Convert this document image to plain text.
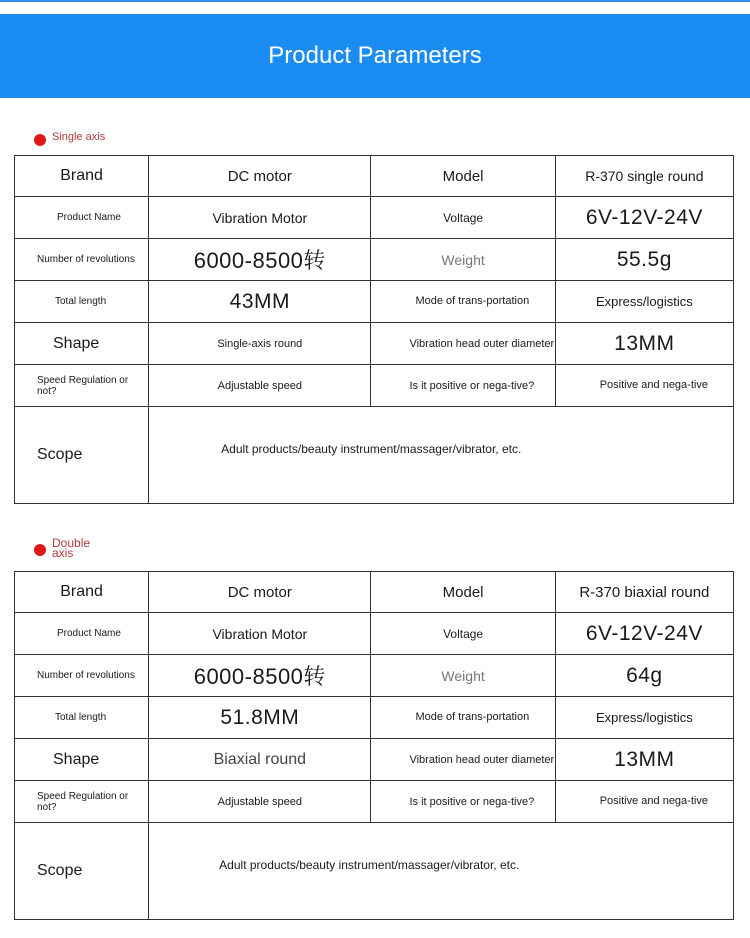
Product Parameters
Single axis
Brand	DC motor	Model	R-370 single round
Product Name	Vibration Motor	Voltage	6V-12V-24V
Number of revolutions	6000-8500转	Weight	55.5g
Total length	43MM	Mode of trans-portation	Express/logistics
Shape	Single-axis round	Vibration head outer diameter	13MM
Speed Regulation or not?	Adjustable speed	Is it positive or nega-tive?	Positive and nega-tive
Scope	Adult products/beauty instrument/massager/vibrator, etc.		
Double axis
Brand	DC motor	Model	R-370 biaxial round
Product Name	Vibration Motor	Voltage	6V-12V-24V
Number of revolutions	6000-8500转	Weight	64g
Total length	51.8MM	Mode of trans-portation	Express/logistics
Shape	Biaxial round	Vibration head outer diameter	13MM
Speed Regulation or not?	Adjustable speed	Is it positive or nega-tive?	Positive and nega-tive
Scope	Adult products/beauty instrument/massager/vibrator, etc.		
